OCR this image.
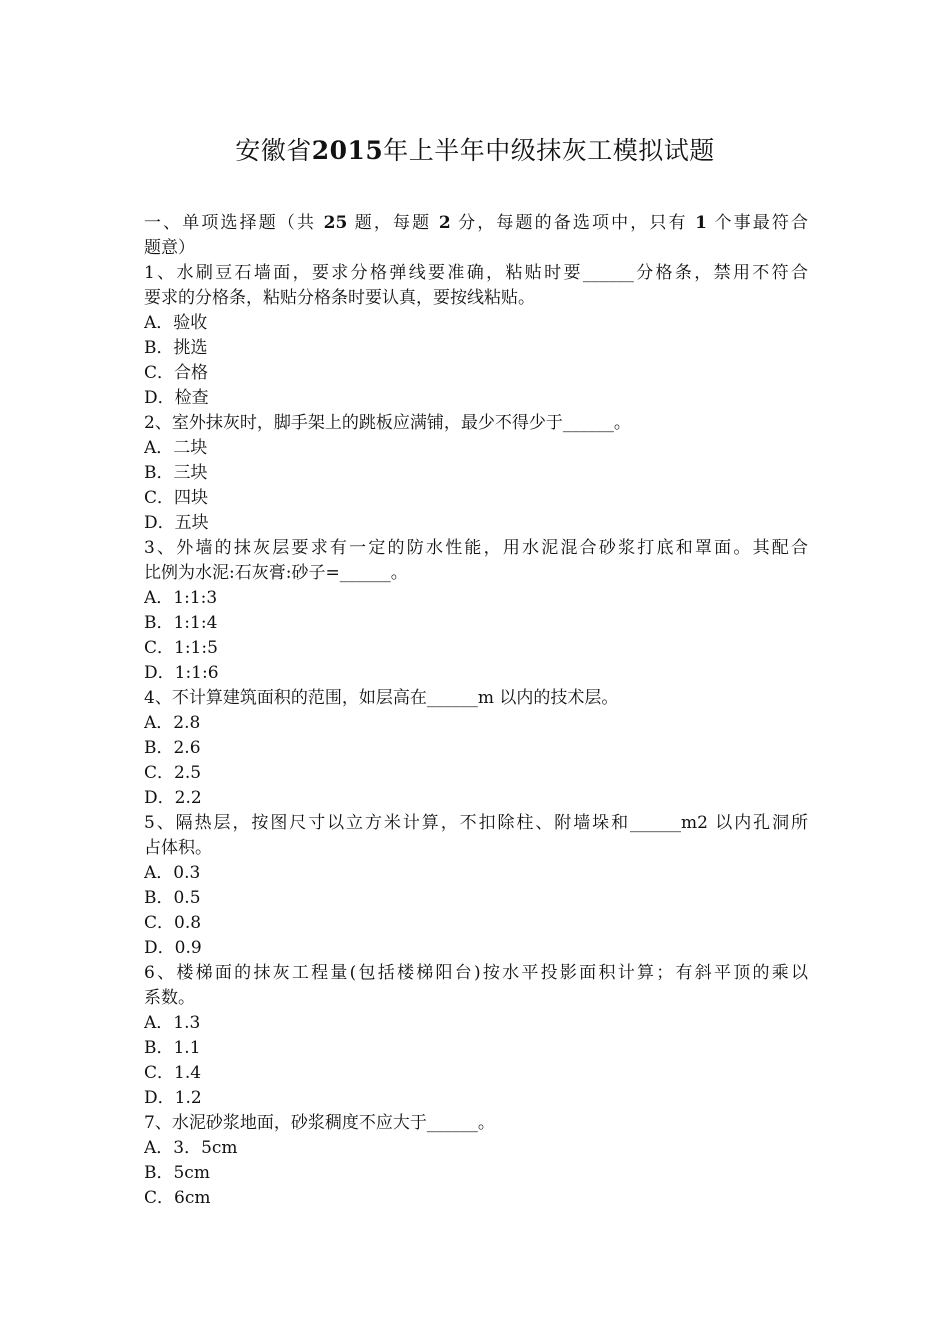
安徽省2015年上半年中级抹灰工模拟试题
一、单项选择题（共 25 题，每题 2 分，每题的备选项中，只有 1 个事最符合
题意）
1、水刷豆石墙面，要求分格弹线要准确，粘贴时要______分格条，禁用不符合
要求的分格条，粘贴分格条时要认真，要按线粘贴。
A．验收
B．挑选
C．合格
D．检查
2、室外抹灰时，脚手架上的跳板应满铺，最少不得少于______。
A．二块
B．三块
C．四块
D．五块
3、外墙的抹灰层要求有一定的防水性能，用水泥混合砂浆打底和罩面。其配合
比例为水泥:石灰膏:砂子=______。
A．1:1:3
B．1:1:4
C．1:1:5
D．1:1:6
4、不计算建筑面积的范围，如层高在______m 以内的技术层。
A．2.8
B．2.6
C．2.5
D．2.2
5、隔热层，按图尺寸以立方米计算，不扣除柱、附墙垛和______m2 以内孔洞所
占体积。
A．0.3
B．0.5
C．0.8
D．0.9
6、楼梯面的抹灰工程量(包括楼梯阳台)按水平投影面积计算；有斜平顶的乘以
系数。
A．1.3
B．1.1
C．1.4
D．1.2
7、水泥砂浆地面，砂浆稠度不应大于______。
A．3．5cm
B．5cm
C．6cm
